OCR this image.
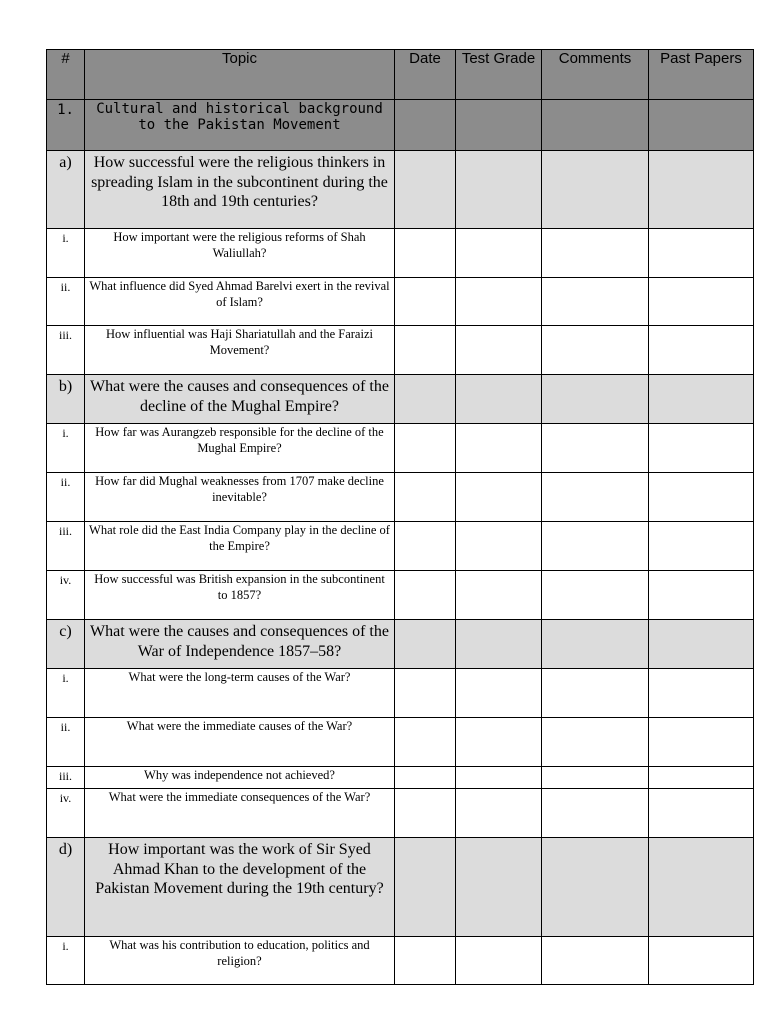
#	Topic	Date	Test Grade	Comments	Past Papers
1.	Cultural and historical background to the Pakistan Movement				
a)	How successful were the religious thinkers in spreading Islam in the subcontinent during the 18th and 19th centuries?				
i.	How important were the religious reforms of Shah Waliullah?				
ii.	What influence did Syed Ahmad Barelvi exert in the revival of Islam?				
iii.	How influential was Haji Shariatullah and the Faraizi Movement?				
b)	What were the causes and consequences of the decline of the Mughal Empire?				
i.	How far was Aurangzeb responsible for the decline of the Mughal Empire?				
ii.	How far did Mughal weaknesses from 1707 make decline inevitable?				
iii.	What role did the East India Company play in the decline of the Empire?				
iv.	How successful was British expansion in the subcontinent to 1857?				
c)	What were the causes and consequences of the War of Independence 1857–58?				
i.	What were the long-term causes of the War?				
ii.	What were the immediate causes of the War?				
iii.	Why was independence not achieved?				
iv.	What were the immediate consequences of the War?				
d)	How important was the work of Sir Syed Ahmad Khan to the development of the Pakistan Movement during the 19th century?				
i.	What was his contribution to education, politics and religion?				
